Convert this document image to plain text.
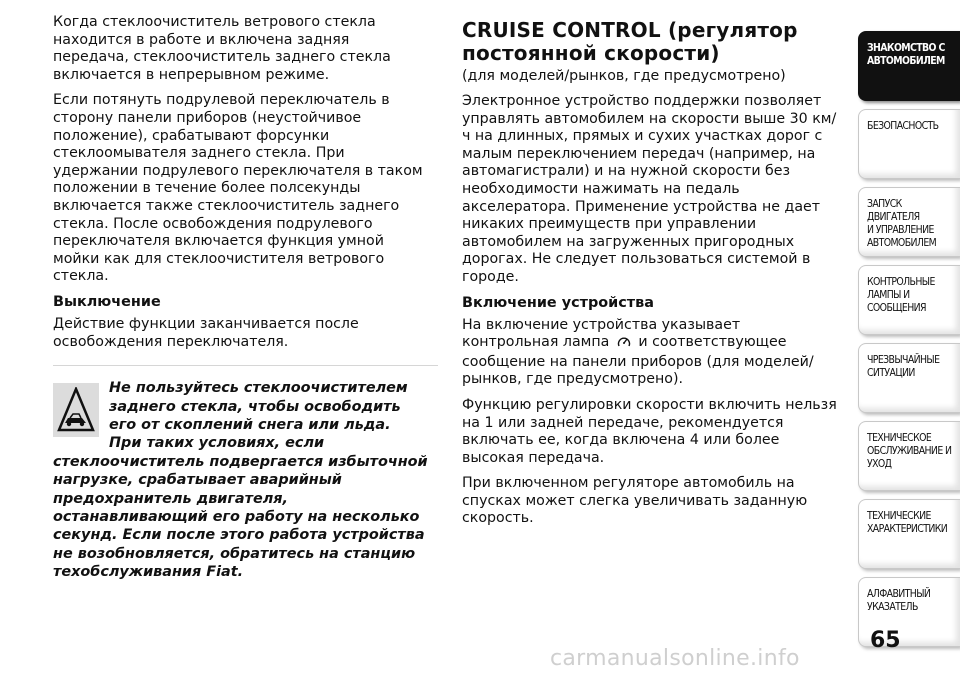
Когда стеклоочиститель ветрового стекла находится в работе и включена задняя передача, стеклоочиститель заднего стекла включается в непрерывном режиме.

Если потянуть подрулевой переключатель в сторону панели приборов (неустойчивое положение), срабатывают форсунки стеклоомывателя заднего стекла. При удержании подрулевого переключателя в таком положении в течение более полсекунды включается также стеклоочиститель заднего стекла. После освобождения подрулевого переключателя включается функция умной мойки как для стеклоочистителя ветрового стекла.

Выключение

Действие функции заканчивается после освобождения переключателя.

Не пользуйтесь стеклоочистителем заднего стекла, чтобы освободить его от скоплений снега или льда. При таких условиях, если стеклоочиститель подвергается избыточной нагрузке, срабатывает аварийный предохранитель двигателя, останавливающий его работу на несколько секунд. Если после этого работа устройства не возобновляется, обратитесь на станцию техобслуживания Fiat.

CRUISE CONTROL (регулятор постоянной скорости)
(для моделей/рынков, где предусмотрено)

Электронное устройство поддержки позволяет управлять автомобилем на скорости выше 30 км/ч на длинных, прямых и сухих участках дорог с малым переключением передач (например, на автомагистрали) и на нужной скорости без необходимости нажимать на педаль акселератора. Применение устройства не дает никаких преимуществ при управлении автомобилем на загруженных пригородных дорогах. Не следует пользоваться системой в городе.

Включение устройства

На включение устройства указывает контрольная лампа и соответствующее сообщение на панели приборов (для моделей/рынков, где предусмотрено).

Функцию регулировки скорости включить нельзя на 1 или задней передаче, рекомендуется включать ее, когда включена 4 или более высокая передача.

При включенном регуляторе автомобиль на спусках может слегка увеличивать заданную скорость.

ЗНАКОМСТВО С
АВТОМОБИЛЕМ
БЕЗОПАСНОСТЬ
ЗАПУСК ДВИГАТЕЛЯ
И УПРАВЛЕНИЕ
АВТОМОБИЛЕМ
КОНТРОЛЬНЫЕ
ЛАМПЫ И
СООБЩЕНИЯ
ЧРЕЗВЫЧАЙНЫЕ
СИТУАЦИИ
ТЕХНИЧЕСКОЕ
ОБСЛУЖИВАНИЕ И
УХОД
ТЕХНИЧЕСКИЕ
ХАРАКТЕРИСТИКИ
АЛФАВИТНЫЙ
УКАЗАТЕЛЬ
65
carmanualsonline.info
